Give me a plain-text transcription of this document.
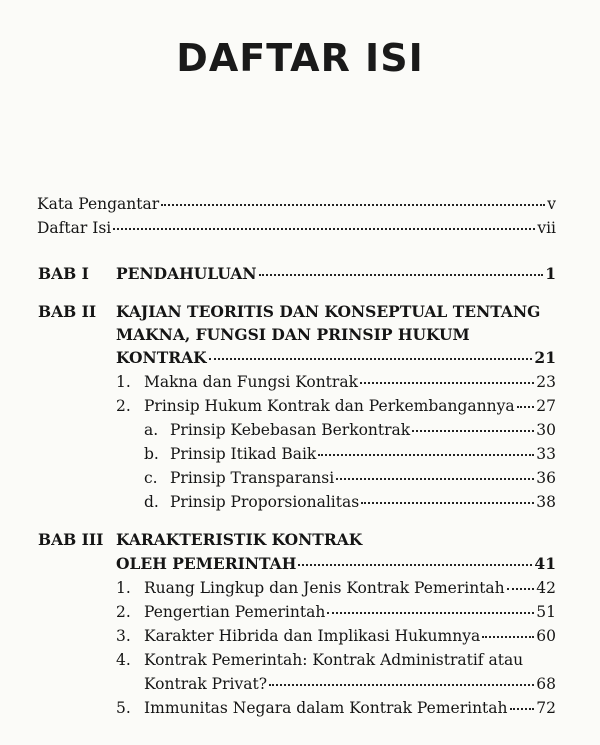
DAFTAR ISI
Kata Pengantar	v
Daftar Isi	vii
BAB I PENDAHULUAN	1
BAB II KAJIAN TEORITIS DAN KONSEPTUAL TENTANG
MAKNA, FUNGSI DAN PRINSIP HUKUM
KONTRAK	21
1. Makna dan Fungsi Kontrak	23
2. Prinsip Hukum Kontrak dan Perkembangannya 27
a. Prinsip Kebebasan Berkontrak	30
b. Prinsip Itikad Baik	33
c. Prinsip Transparansi	36
d. Prinsip Proporsionalitas	38
BAB III KARAKTERISTIK KONTRAK
OLEH PEMERINTAH	41
1. Ruang Lingkup dan Jenis Kontrak Pemerintah 42
2. Pengertian Pemerintah	51
3. Karakter Hibrida dan Implikasi Hukumnya	60
4. Kontrak Pemerintah: Kontrak Administratif atau
Kontrak Privat?	68
5. Immunitas Negara dalam Kontrak Pemerintah 72
